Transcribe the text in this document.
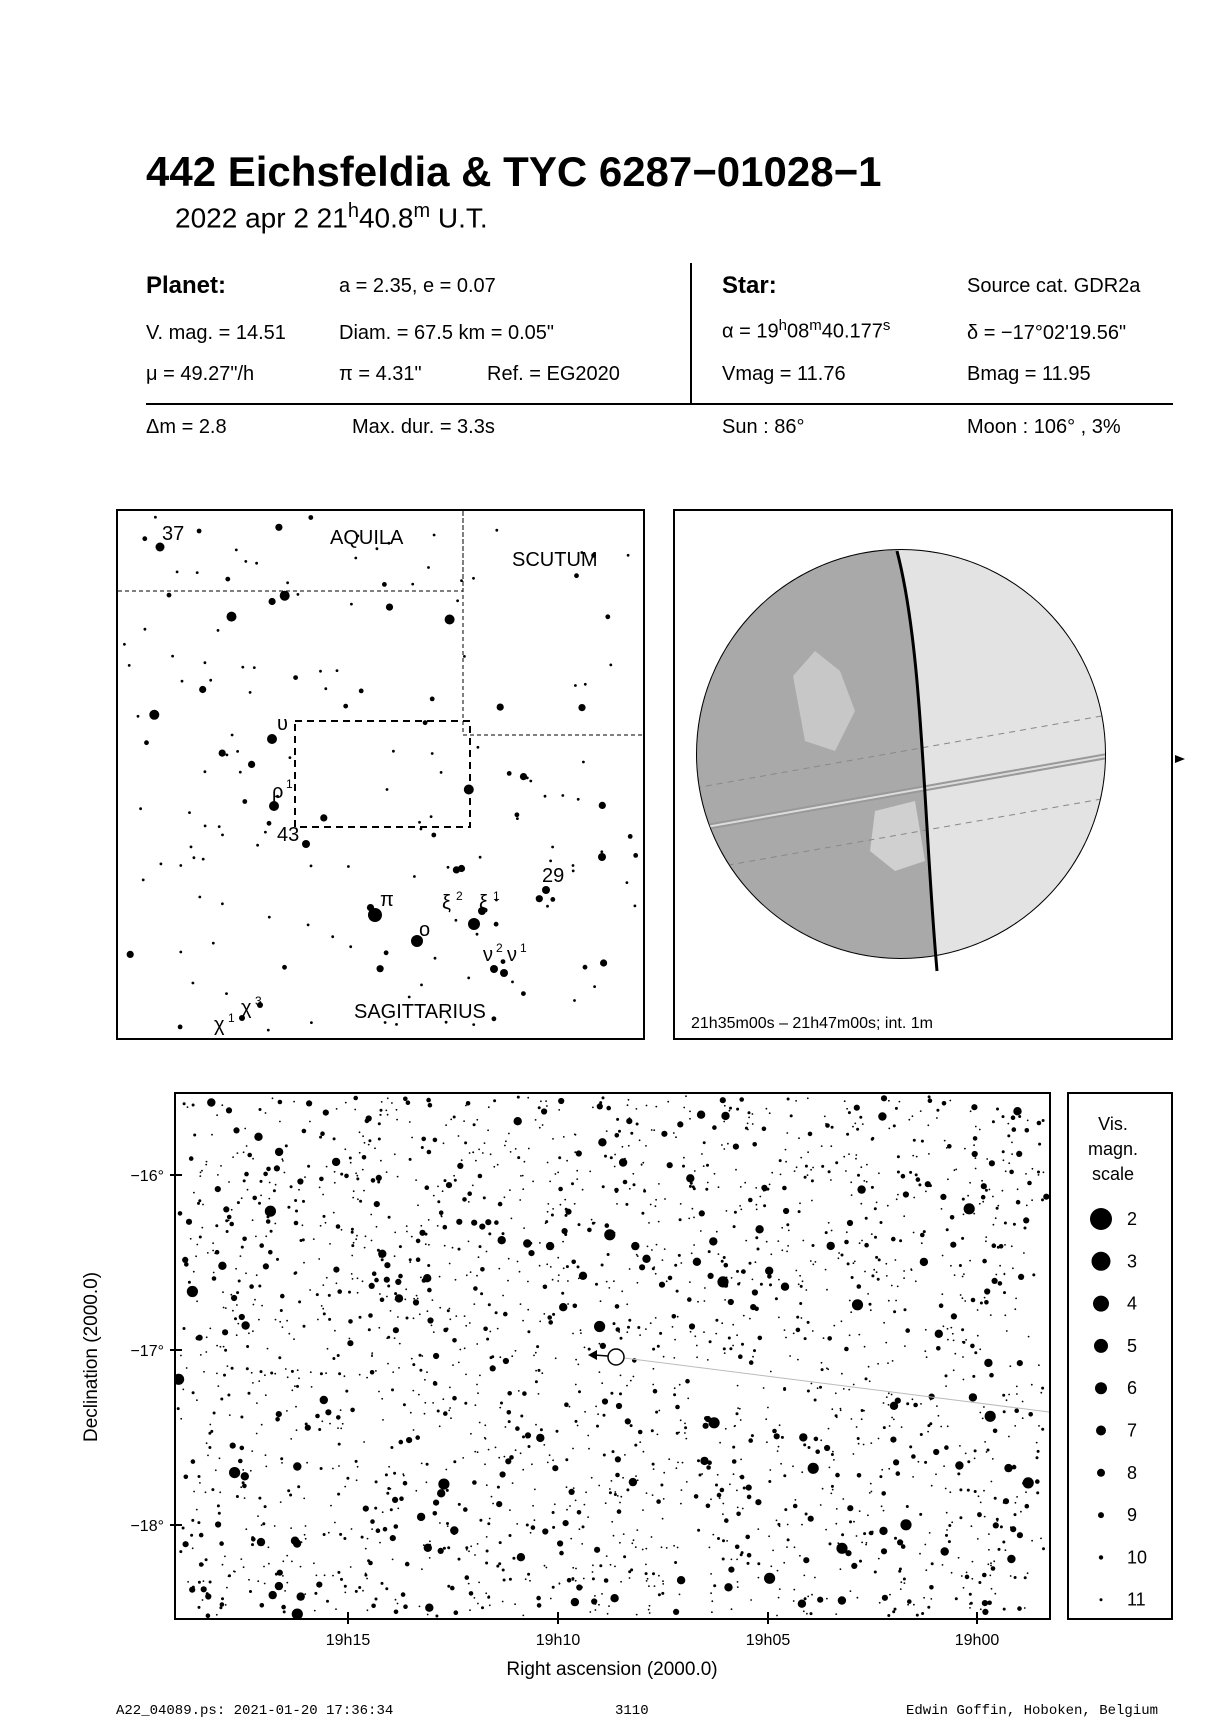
442 Eichsfeldia & TYC 6287−01028−1
2022 apr 2 21$^h$40.8$^m$ U.T.
Planet:	a = 2.35, e = 0.07	Star:	Source cat. GDR2a
V. mag. = 14.51	Diam. = 67.5 km = 0.05"	$\alpha = 19^h08^m40.177^s$	δ = −17°02'19.56"
μ = 49.27"/h	π = 4.31"	Ref. = EG2020	Vmag = 11.76	Bmag = 11.95
Δm = 2.8	Max. dur. = 3.3s	Sun : 86°	Moon : 106° , 3%
AQUILA
SCUTUM
SAGITTARIUS
37
υ
ρ 1
43
π
o
ξ 2 ξ 1
29
ν 2 ν 1
χ 1 χ 3
21h35m00s – 21h47m00s; int. 1m
−16°
−17°
−18°
19h15	19h10	19h05	19h00
Right ascension (2000.0)
Declination (2000.0)
Vis.
magn.
scale
2
3
4
5
6
7
8
9
10
11
A22_04089.ps: 2021-01-20 17:36:34	3110	Edwin Goffin, Hoboken, Belgium
